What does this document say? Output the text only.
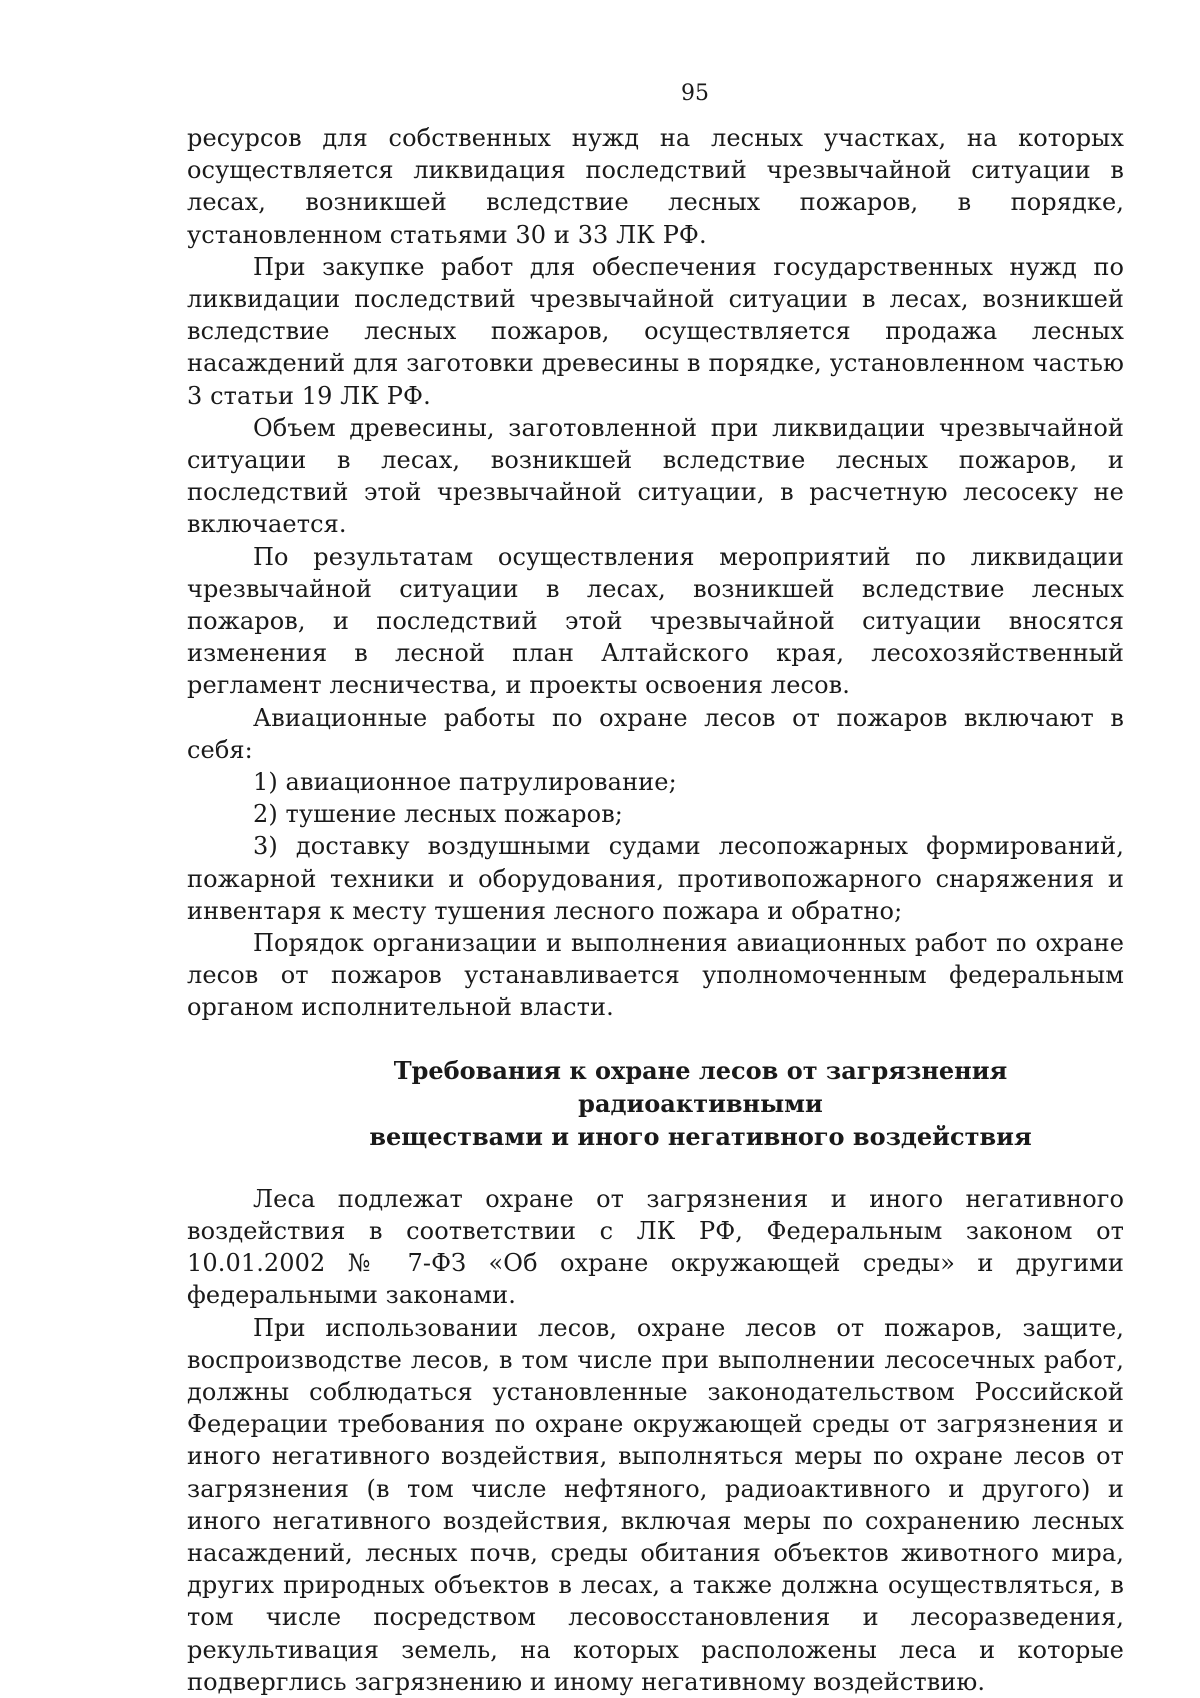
95

ресурсов для собственных нужд на лесных участках, на которых осуществляется ликвидация последствий чрезвычайной ситуации в лесах, возникшей вследствие лесных пожаров, в порядке, установленном статьями 30 и 33 ЛК РФ.

При закупке работ для обеспечения государственных нужд по ликвидации последствий чрезвычайной ситуации в лесах, возникшей вследствие лесных пожаров, осуществляется продажа лесных насаждений для заготовки древесины в порядке, установленном частью 3 статьи 19 ЛК РФ.

Объем древесины, заготовленной при ликвидации чрезвычайной ситуации в лесах, возникшей вследствие лесных пожаров, и последствий этой чрезвычайной ситуации, в расчетную лесосеку не включается.

По результатам осуществления мероприятий по ликвидации чрезвычайной ситуации в лесах, возникшей вследствие лесных пожаров, и последствий этой чрезвычайной ситуации вносятся изменения в лесной план Алтайского края, лесохозяйственный регламент лесничества, и проекты освоения лесов.

Авиационные работы по охране лесов от пожаров включают в себя:

1) авиационное патрулирование;

2) тушение лесных пожаров;

3) доставку воздушными судами лесопожарных формирований, пожарной техники и оборудования, противопожарного снаряжения и инвентаря к месту тушения лесного пожара и обратно;

Порядок организации и выполнения авиационных работ по охране лесов от пожаров устанавливается уполномоченным федеральным органом исполнительной власти.

Требования к охране лесов от загрязнения радиоактивными
веществами и иного негативного воздействия

Леса подлежат охране от загрязнения и иного негативного воздействия в соответствии с ЛК РФ, Федеральным законом от 10.01.2002 № 7-ФЗ «Об охране окружающей среды» и другими федеральными законами.

При использовании лесов, охране лесов от пожаров, защите, воспроизводстве лесов, в том числе при выполнении лесосечных работ, должны соблюдаться установленные законодательством Российской Федерации требования по охране окружающей среды от загрязнения и иного негативного воздействия, выполняться меры по охране лесов от загрязнения (в том числе нефтяного, радиоактивного и другого) и иного негативного воздействия, включая меры по сохранению лесных насаждений, лесных почв, среды обитания объектов животного мира, других природных объектов в лесах, а также должна осуществляться, в том числе посредством лесовосстановления и лесоразведения, рекультивация земель, на которых расположены леса и которые подверглись загрязнению и иному негативному воздействию.
